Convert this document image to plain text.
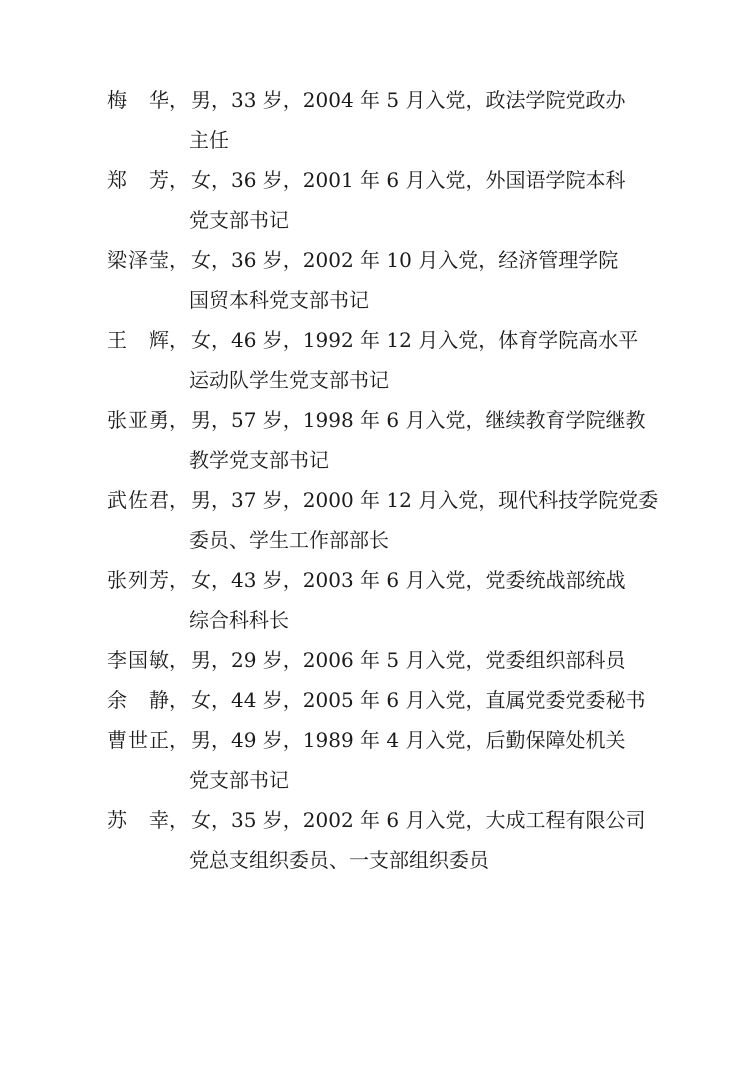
梅　华 ， 男，33 岁，2004 年 5 月入党，政法学院党政办
主任
郑　芳 ， 女，36 岁，2001 年 6 月入党，外国语学院本科
党支部书记
梁泽莹 ， 女，36 岁，2002 年 10 月入党，经济管理学院
国贸本科党支部书记
王　辉 ， 女，46 岁，1992 年 12 月入党，体育学院高水平
运动队学生党支部书记
张亚勇 ， 男，57 岁，1998 年 6 月入党，继续教育学院继教
教学党支部书记
武佐君 ， 男，37 岁，2000 年 12 月入党，现代科技学院党委
委员、学生工作部部长
张列芳 ， 女，43 岁，2003 年 6 月入党，党委统战部统战
综合科科长
李国敏 ， 男，29 岁，2006 年 5 月入党，党委组织部科员
余　静 ， 女，44 岁，2005 年 6 月入党，直属党委党委秘书
曹世正 ， 男，49 岁，1989 年 4 月入党，后勤保障处机关
党支部书记
苏　幸 ， 女，35 岁，2002 年 6 月入党，大成工程有限公司
党总支组织委员、一支部组织委员
